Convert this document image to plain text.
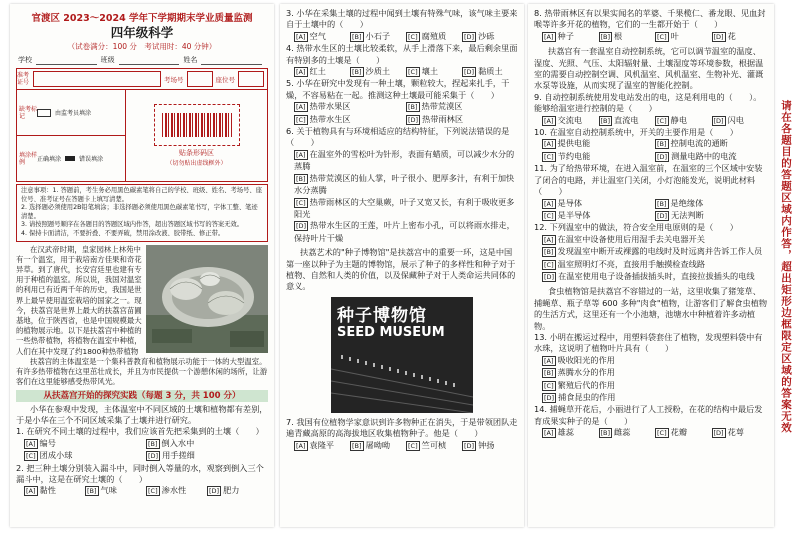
请在各题目的答题区域内作答，超出矩形边框限定区域的答案无效
官渡区 2023～2024 学年下学期期末学业质量监测
四年级科学
（试卷满分：100 分　考试用时：40 分钟）
学校	班级	姓名
准考证号	考场号	座位号
缺考标记	由监考员填涂
填涂样例	正确填涂	错误填涂
贴条形码区
（切勿贴出虚线框外）
注意事项：1. 答题前，考生务必用黑色碳素笔将自己的学校、班级、姓名、考场号、座位号、准考证号在答题卡上填写清楚。
2. 选择题必须使用2B铅笔填涂；非选择题必须使用黑色碳素笔书写，字体工整、笔迹清楚。
3. 请按照题号顺序在各题目的答题区域内作答，超出答题区域书写的答案无效。
4. 保持卡面清洁，不要折叠、不要弄破，禁用涂改液、胶带纸、修正带。
在汉武帝时期，皇家园林上林苑中有一个温室，用于栽培南方佳果和奇花异草。到了唐代，长安宫廷里也建有专用于种植的温室。所以说，我国对温室的利用已有近两千年的历史，我国是世界上最早使用温室栽培的国家之一。现今，扶荔宫是世界上最大的扶荔宫苗圃基地，位于陕西省，也是中国规模最大的植物展示地。以下是扶荔宫中种植的一些热带植物，将植物在温室中种植，人们在其中发现了约1800种热带植物
扶荔宫的主体温室是一个集科普教育和植物展示功能于一体的大型温室。有许多热带植物在这里茁壮成长，并且为市民提供一个游憩休闲的场所，让游客们在这里能够感受热带风光。
从扶荔宫开始的探究实践（每题 3 分，共 100 分）
小华在参观中发现，主体温室中不同区域的土壤和植物都有差别，于是小华在三个不同区域采集了土壤并进行研究。
1. 在研究不同土壤的过程中，我们应该首先把采集到的土壤（　　）
[A] 编号	[B] 倒入水中
[C] 团成小球	[D] 用手搓细
2. 把三种土壤分别装入漏斗中，同时倒入等量的水，观察到倒入三个漏斗中，这是在研究土壤的（　　）
[A] 黏性	[B] 气味	[C] 渗水性	[D] 肥力
3. 小华在采集土壤的过程中闻到土壤有特殊气味，该气味主要来自于土壤中的（　　）
[A] 空气	[B] 小石子	[C] 腐殖质	[D] 沙砾
4. 热带水生区的土壤比较柔软，从手上滑落下来，最后剩余里面有特别多的土壤是（　　）
[A] 红土	[B] 沙质土	[C] 壤土	[D] 黏质土
5. 小华在研究中发现有一种土壤，颗粒较大，捏起来扎手，干燥，不容易粘在一起。推测这种土壤最可能采集于（　　）
[A] 热带水果区	[B] 热带荒漠区
[C] 热带水生区	[D] 热带雨林区
6. 关于植物具有与环境相适应的结构特征，下列说法错误的是（　　）
[A] 在温室外的雪松叶为针形，表面有蜡质，可以减少水分的蒸腾
[B] 热带荒漠区的仙人掌，叶子很小、肥厚多汁，有利于加快水分蒸腾
[C] 热带雨林区的大空巢蕨，叶子又宽又长，有利于吸收更多阳光
[D] 热带水生区的王莲，叶片上密布小孔，可以将雨水排走，保持叶片干燥
扶荔艺术的"种子博物馆"是扶荔宫中的重要一环，这是中国第一座以种子为主题的博物馆，展示了种子的多样性和种子对于植物、自然和人类的价值，以及保藏种子对于人类命运共同体的意义。
种子博物馆
SEED MUSEUM
7. 我国有位植物学家意识到许多物种正在消失，于是带领团队走遍青藏高原的高海拔地区收集植物种子。他是（　　）
[A] 袁隆平	[B] 屠呦呦	[C] 竺可桢	[D] 钟扬
8. 热带雨林区有以果实闻名的苹婆、千果榄仁、番龙眼、见血封喉等许多开花的植物，它们的一生都开始于（　　）
[A] 种子	[B] 根	[C] 叶	[D] 花
扶荔宫有一套温室自动控制系统，它可以调节温室的温度、湿度、光照、气压、太阳辐射量、土壤湿度等环境参数，根据温室的需要自动控制空调、风机温室、风机温室、生物补光、灌溉水泵等设施，从而实现了温室的智能化控制。
9. 自动控制系统使用发电站发出的电，这是利用电的（　　）。能够给温室进行控制的是（　　）
[A] 交流电	[B] 直流电	[C] 静电	[D] 闪电
10. 在温室自动控制系统中，开关的主要作用是（　　）
[A] 提供电能	[B] 控制电流的通断
[C] 节约电能	[D] 测量电路中的电流
11. 为了给热带环境，在进入温室前，在温室的三个区域中安装了闭合的电路，并让温室门关闭，小灯泡能发光，说明此材料（　　）
[A] 是导体	[B] 是绝缘体
[C] 是半导体	[D] 无法判断
12. 下列温室中的做法，符合安全用电原则的是（　　）
[A] 在温室中设备使用后用湿手去关电器开关
[B] 发现温室中断开或裸露的电线时及时远离并告诉工作人员
[C] 温室照明灯不亮，直接用手触摸检查线路
[D] 在温室使用电子设备插拔插头时，直接拉拔插头的电线
食虫植物馆是扶荔宫不容错过的一站，这里收集了猪笼草、捕蝇草、瓶子草等 600 多种"肉食"植物，让游客们了解食虫植物的生活方式，这里还有一个小池塘，池塘水中种植着许多动植物。
13. 小明在搬运过程中，用塑料袋套住了植物，发现塑料袋中有水珠，这说明了植物叶片具有（　　）
[A] 吸收阳光的作用
[B] 蒸腾水分的作用
[C] 繁殖后代的作用
[D] 捕食昆虫的作用
14. 捕蝇草开花后，小丽进行了人工授粉，在花的结构中最后发育成果实种子的是（　　）
[A] 雄蕊	[B] 雌蕊	[C] 花瓣	[D] 花萼
